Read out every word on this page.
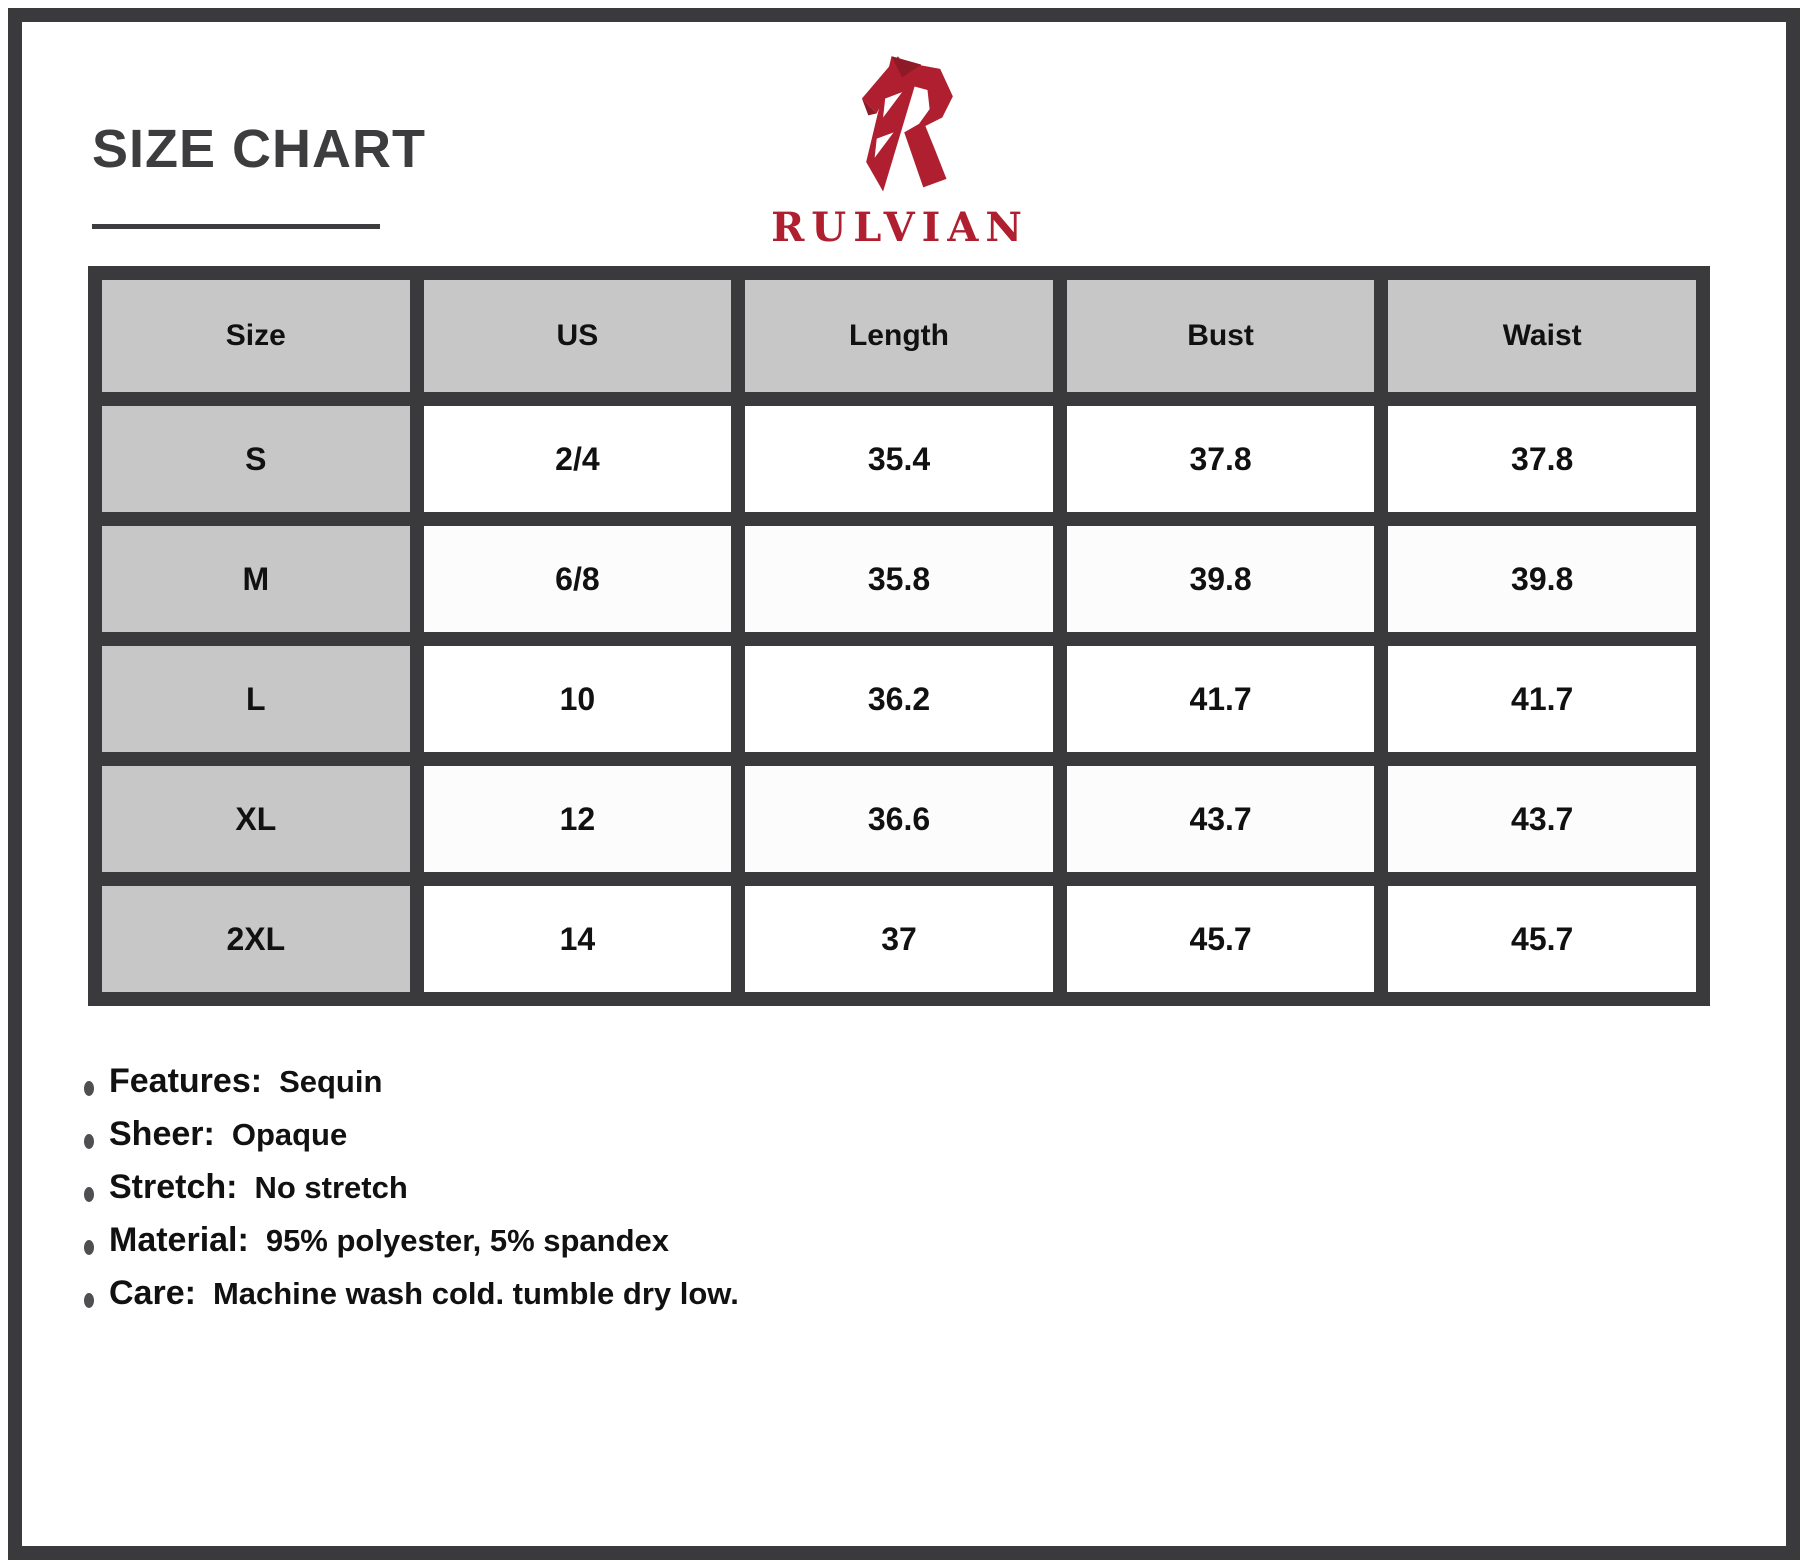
SIZE CHART
RULVIAN
Size	US	Length	Bust	Waist
S	2/4	35.4	37.8	37.8
M	6/8	35.8	39.8	39.8
L	10	36.2	41.7	41.7
XL	12	36.6	43.7	43.7
2XL	14	37	45.7	45.7
Features: Sequin
Sheer: Opaque
Stretch: No stretch
Material: 95% polyester, 5% spandex
Care: Machine wash cold. tumble dry low.
